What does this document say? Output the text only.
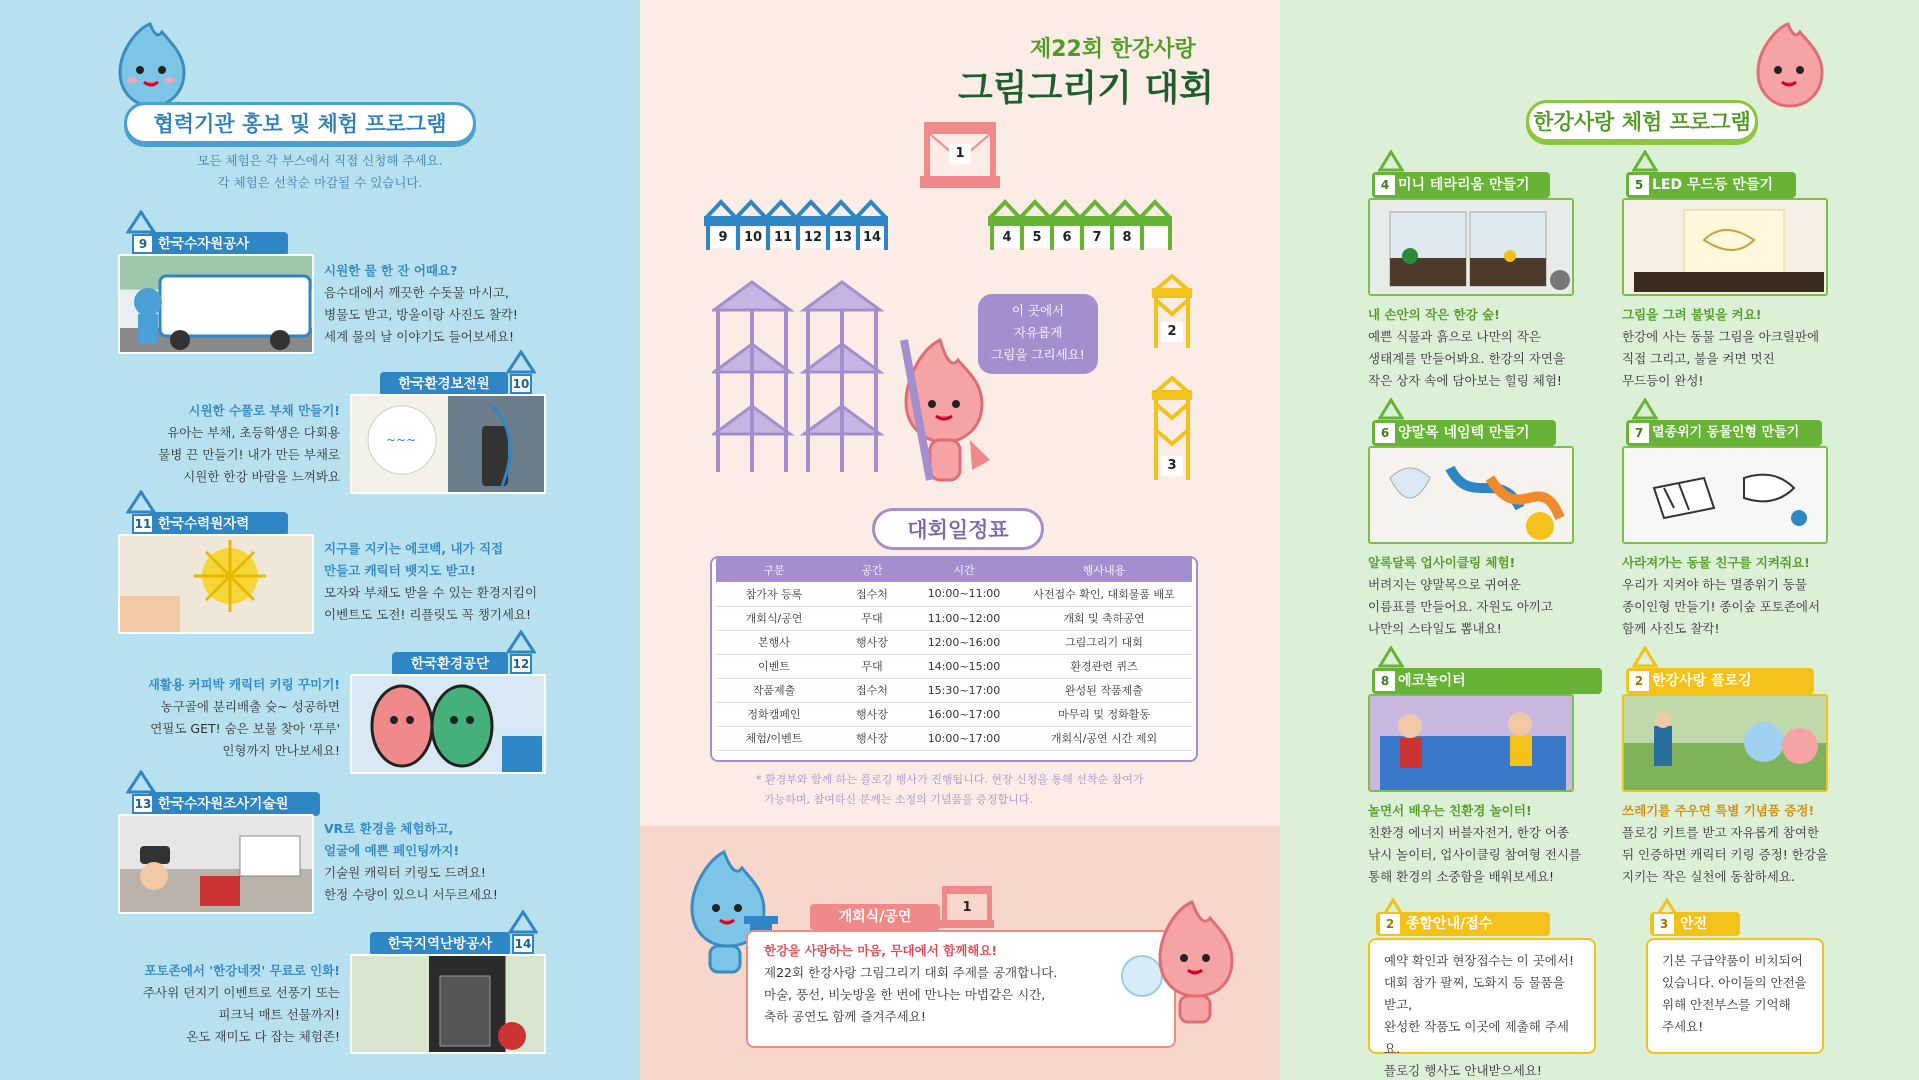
협력기관 홍보 및 체험 프로그램
모든 체험은 각 부스에서 직접 신청해 주세요.
각 체험은 선착순 마감될 수 있습니다.
한국수자원공사
9
시원한 물 한 잔 어때요?
음수대에서 깨끗한 수돗물 마시고,
병물도 받고, 방울이랑 사진도 찰칵!
세계 물의 날 이야기도 들어보세요!
한국환경보전원	10
~~~
시원한 수풀로 부채 만들기!
유아는 부채, 초등학생은 다회용
물병 끈 만들기! 내가 만든 부채로
시원한 한강 바람을 느껴봐요
한국수력원자력
11
지구를 지키는 에코백, 내가 직접
만들고 캐릭터 뱃지도 받고!
모자와 부채도 받을 수 있는 환경지킴이
이벤트도 도전! 리플릿도 꼭 챙기세요!
한국환경공단	12
새활용 커피박 캐릭터 키링 꾸미기!
농구골에 분리배출 슛~ 성공하면
연필도 GET! 숨은 보물 찾아 '푸루'
인형까지 만나보세요!
한국수자원조사기술원
13
VR로 환경을 체험하고,
얼굴에 예쁜 페인팅까지!
기술원 캐릭터 키링도 드려요!
한정 수량이 있으니 서두르세요!
한국지역난방공사	14
포토존에서 '한강네컷' 무료로 인화!
주사위 던지기 이벤트로 선풍기 또는
피크닉 매트 선물까지!
온도 재미도 다 잡는 체험존!
제22회 한강사랑
그림그리기 대회
1
9	10 11 12 13 14	4	5	6	7	8
이 곳에서
자유롭게
그림을 그리세요!
2
3
대회일정표
구분	공간	시간	행사내용
참가자 등록	접수처	10:00~11:00	사전접수 확인, 대회물품 배포
개회식/공연	무대	11:00~12:00	개회 및 축하공연
본행사	행사장	12:00~16:00	그림그리기 대회
이벤트	무대	14:00~15:00	환경관련 퀴즈
작품제출	접수처	15:30~17:00	완성된 작품제출
정화캠페인	행사장	16:00~17:00	마무리 및 정화활동
체험/이벤트	행사장	10:00~17:00	개회식/공연 시간 제외
* 환경부와 함께 하는 플로깅 행사가 진행됩니다. 현장 신청을 통해 선착순 참여가
가능하며, 참여하신 분께는 소정의 기념품을 증정합니다.
개회식/공연
1
한강을 사랑하는 마음, 무대에서 함께해요!
제22회 한강사랑 그림그리기 대회 주제를 공개합니다.
마술, 풍선, 비눗방울 한 번에 만나는 마법같은 시간,
축하 공연도 함께 즐겨주세요!
한강사랑 체험 프로그램
4 미니 테라리움 만들기
내 손안의 작은 한강 숲!
예쁜 식물과 흙으로 나만의 작은
생태계를 만들어봐요. 한강의 자연을
작은 상자 속에 담아보는 힐링 체험!
5 LED 무드등 만들기
그림을 그려 불빛을 켜요!
한강에 사는 동물 그림을 아크릴판에
직접 그리고, 불을 켜면 멋진
무드등이 완성!
6 양말목 네임텍 만들기
알록달록 업사이클링 체험!
버려지는 양말목으로 귀여운
이름표를 만들어요. 자원도 아끼고
나만의 스타일도 뽐내요!
7 멸종위기 동물인형 만들기
사라져가는 동물 친구를 지켜줘요!
우리가 지켜야 하는 멸종위기 동물
종이인형 만들기! 종이숲 포토존에서
함께 사진도 찰칵!
8 에코놀이터
놀면서 배우는 친환경 놀이터!
친환경 에너지 버블자전거, 한강 어종
낚시 놀이터, 업사이클링 참여형 전시를
통해 환경의 소중함을 배워보세요!
2 한강사랑 플로깅
쓰레기를 주우면 특별 기념품 증정!
플로깅 키트를 받고 자유롭게 참여한
뒤 인증하면 캐릭터 키링 증정! 한강을
지키는 작은 실천에 동참하세요.
2 종합안내/접수
예약 확인과 현장접수는 이 곳에서!
대회 참가 팔찌, 도화지 등 물품을 받고,
완성한 작품도 이곳에 제출해 주세요.
플로깅 행사도 안내받으세요!
3 안전
기본 구급약품이 비치되어
있습니다. 아이들의 안전을
위해 안전부스를 기억해
주세요!
